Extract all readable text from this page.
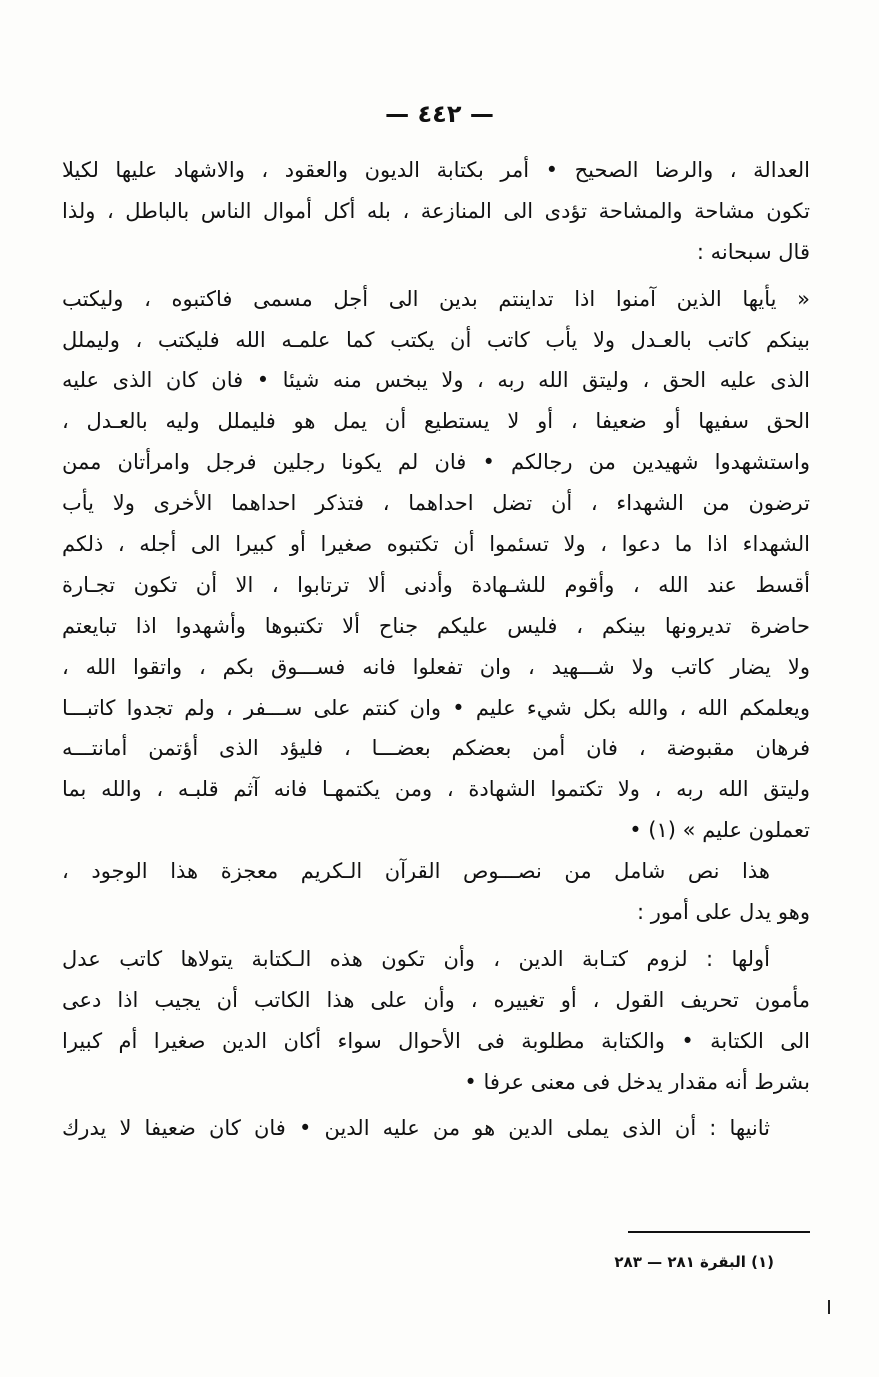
— ٤٤٢ —
العدالة ، والرضا الصحيح • أمر بكتابة الديون والعقود ، والاشهاد عليها لكيلا
تكون مشاحة والمشاحة تؤدى الى المنازعة ، بله أكل أموال الناس بالباطل ، ولذا
قال سبحانه :
« يأيها الذين آمنوا اذا تداينتم بدين الى أجل مسمى فاكتبوه ، وليكتب
بينكم كاتب بالعـدل ولا يأب كاتب أن يكتب كما علمـه الله فليكتب ، وليملل
الذى عليه الحق ، وليتق الله ربه ، ولا يبخس منه شيئا • فان كان الذى عليه
الحق سفيها أو ضعيفا ، أو لا يستطيع أن يمل هو فليملل وليه بالعـدل ،
واستشهدوا شهيدين من رجالكم • فان لم يكونا رجلين فرجل وامرأتان ممن
ترضون من الشهداء ، أن تضل احداهما ، فتذكر احداهما الأخرى ولا يأب
الشهداء اذا ما دعوا ، ولا تسئموا أن تكتبوه صغيرا أو كبيرا الى أجله ، ذلكم
أقسط عند الله ، وأقوم للشـهادة وأدنى ألا ترتابوا ، الا أن تكون تجـارة
حاضرة تديرونها بينكم ، فليس عليكم جناح ألا تكتبوها وأشهدوا اذا تبايعتم
ولا يضار كاتب ولا شـــهيد ، وان تفعلوا فانه فســـوق بكم ، واتقوا الله ،
ويعلمكم الله ، والله بكل شيء عليم • وان كنتم على ســـفر ، ولم تجدوا كاتبـــا
فرهان مقبوضة ، فان أمن بعضكم بعضـــا ، فليؤد الذى أؤتمن أمانتـــه
وليتق الله ربه ، ولا تكتموا الشهادة ، ومن يكتمهـا فانه آثم قلبـه ، والله بما
تعملون عليم » (١) •
هذا نص شامل من نصـــوص القرآن الـكريم معجزة هذا الوجود ،
وهو يدل على أمور :
أولها : لزوم كتـابة الدين ، وأن تكون هذه الـكتابة يتولاها كاتب عدل
مأمون تحريف القول ، أو تغييره ، وأن على هذا الكاتب أن يجيب اذا دعى
الى الكتابة • والكتابة مطلوبة فى الأحوال سواء أكان الدين صغيرا أم كبيرا
بشرط أنه مقدار يدخل فى معنى عرفا •
ثانيها : أن الذى يملى الدين هو من عليه الدين • فان كان ضعيفا لا يدرك
(١) البقرة ٢٨١ — ٢٨٣
